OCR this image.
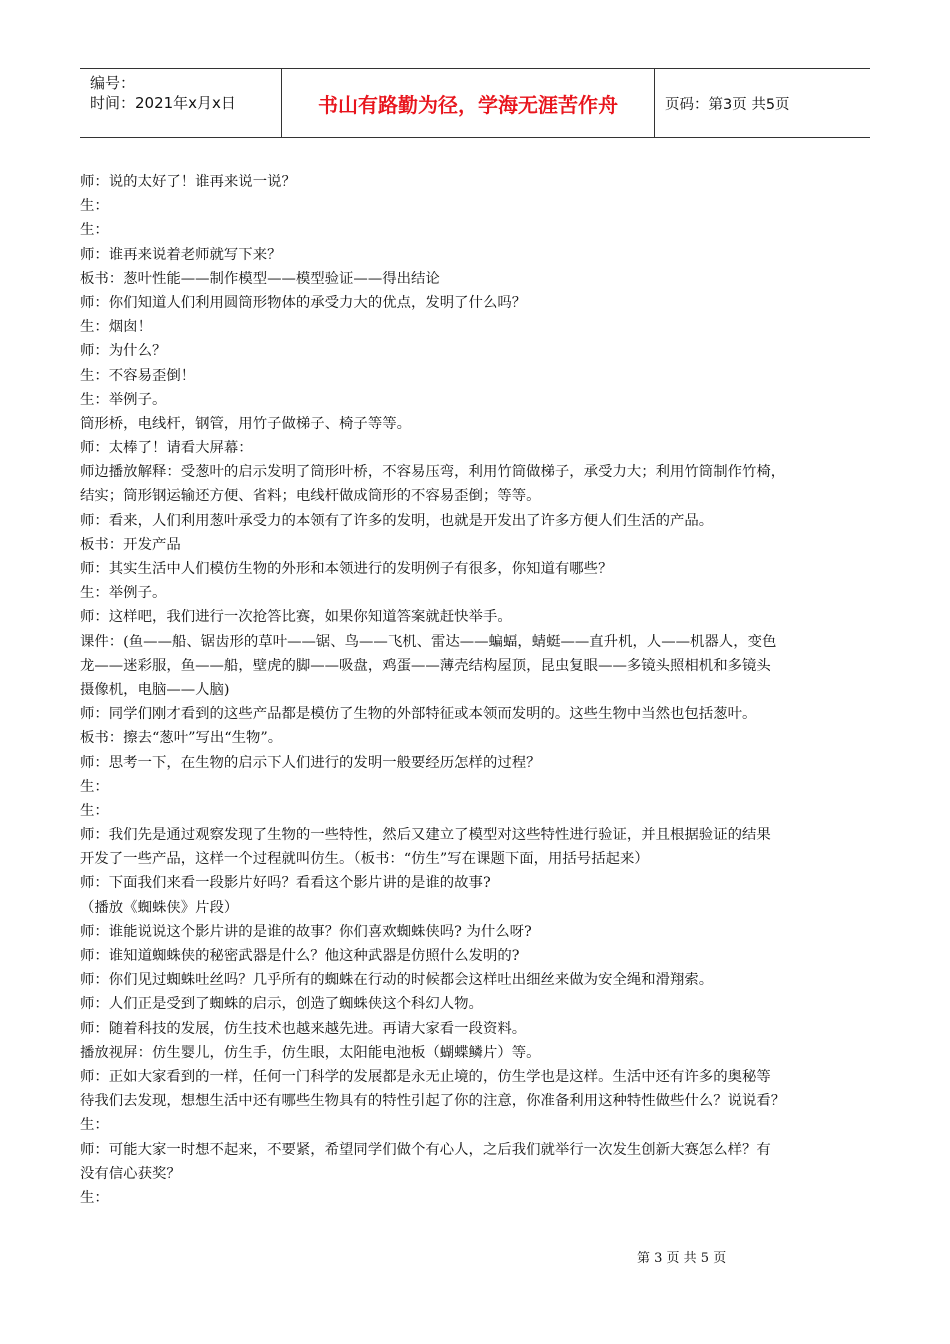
编号：
时间：2021年x月x日	书山有路勤为径，学海无涯苦作舟	页码：第3页 共5页
师：说的太好了！谁再来说一说？
生：
生：
师：谁再来说着老师就写下来？
板书：葱叶性能——制作模型——模型验证——得出结论
师：你们知道人们利用圆筒形物体的承受力大的优点，发明了什么吗？
生：烟囱！
师：为什么？
生：不容易歪倒！
生：举例子。
筒形桥，电线杆，钢管，用竹子做梯子、椅子等等。
师：太棒了！请看大屏幕：
师边播放解释：受葱叶的启示发明了筒形叶桥，不容易压弯，利用竹筒做梯子，承受力大；利用竹筒制作竹椅，
结实；筒形钢运输还方便、省料；电线杆做成筒形的不容易歪倒；等等。
师：看来，人们利用葱叶承受力的本领有了许多的发明，也就是开发出了许多方便人们生活的产品。
板书：开发产品
师：其实生活中人们模仿生物的外形和本领进行的发明例子有很多，你知道有哪些？
生：举例子。
师：这样吧，我们进行一次抢答比赛，如果你知道答案就赶快举手。
课件：(鱼——船、锯齿形的草叶——锯、鸟——飞机、雷达——蝙蝠，蜻蜓——直升机，人——机器人，变色
龙——迷彩服，鱼——船，壁虎的脚——吸盘，鸡蛋——薄壳结构屋顶，昆虫复眼——多镜头照相机和多镜头
摄像机，电脑——人脑)
师：同学们刚才看到的这些产品都是模仿了生物的外部特征或本领而发明的。这些生物中当然也包括葱叶。
板书：擦去“葱叶”写出“生物”。
师：思考一下，在生物的启示下人们进行的发明一般要经历怎样的过程？
生：
生：
师：我们先是通过观察发现了生物的一些特性，然后又建立了模型对这些特性进行验证，并且根据验证的结果
开发了一些产品，这样一个过程就叫仿生。（板书：“仿生”写在课题下面，用括号括起来）
师：下面我们来看一段影片好吗？看看这个影片讲的是谁的故事?
（播放《蜘蛛侠》片段）
师：谁能说说这个影片讲的是谁的故事？你们喜欢蜘蛛侠吗? 为什么呀?
师：谁知道蜘蛛侠的秘密武器是什么？他这种武器是仿照什么发明的?
师：你们见过蜘蛛吐丝吗？几乎所有的蜘蛛在行动的时候都会这样吐出细丝来做为安全绳和滑翔索。
师：人们正是受到了蜘蛛的启示，创造了蜘蛛侠这个科幻人物。
师：随着科技的发展，仿生技术也越来越先进。再请大家看一段资料。
播放视屏：仿生婴儿，仿生手，仿生眼，太阳能电池板（蝴蝶鳞片）等。
师：正如大家看到的一样，任何一门科学的发展都是永无止境的，仿生学也是这样。生活中还有许多的奥秘等
待我们去发现，想想生活中还有哪些生物具有的特性引起了你的注意，你准备利用这种特性做些什么？说说看？
生：
师：可能大家一时想不起来，不要紧，希望同学们做个有心人，之后我们就举行一次发生创新大赛怎么样？有
没有信心获奖？
生：
第 3 页 共 5 页
